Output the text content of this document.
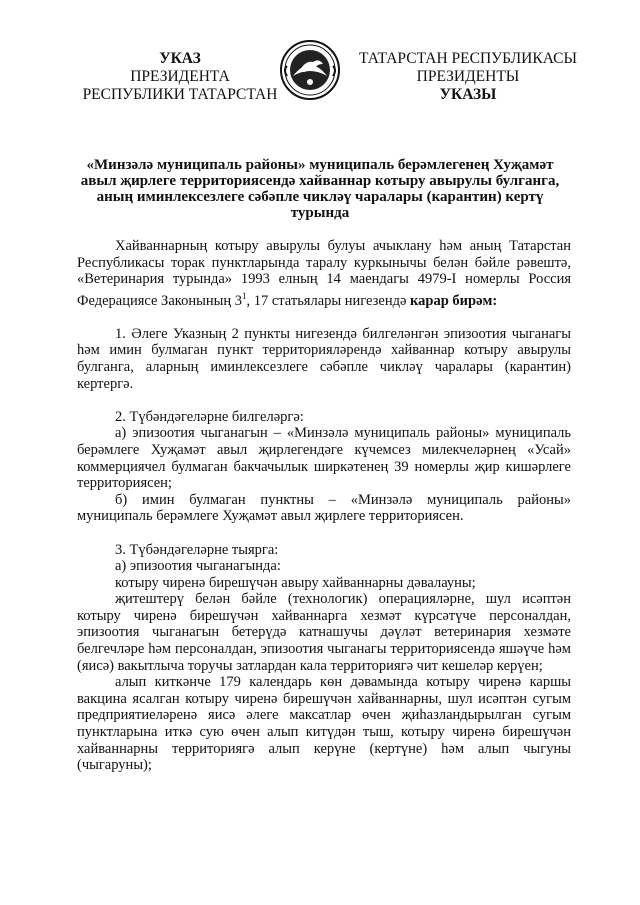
УКАЗ
ПРЕЗИДЕНТА
РЕСПУБЛИКИ ТАТАРСТАН
ТАТАРСТАН РЕСПУБЛИКАСЫ
ПРЕЗИДЕНТЫ
УКАЗЫ
«Минзәлә муниципаль районы» муниципаль берәмлегенең Хуҗамәт авыл җирлеге территориясендә хайваннар котыру авырулы булганга, аның иминлексезлеге сәбәпле чикләү чаралары (карантин) кертү турында

Хайваннарның котыру авырулы булуы ачыклану һәм аның Татарстан Республикасы торак пунктларында таралу куркынычы белән бәйле рәвештә, «Ветеринария турында» 1993 елның 14 маендагы 4979-I номерлы Россия Федерациясе Законының $3^1$, 17 статьялары нигезендә карар бирәм:

1. Әлеге Указның 2 пункты нигезендә билгеләнгән эпизоотия чыганагы һәм имин булмаган пункт территорияләрендә хайваннар котыру авырулы булганга, аларның иминлексезлеге сәбәпле чикләү чаралары (карантин) кертергә.

2. Түбәндәгеләрне билгеләргә:

а) эпизоотия чыганагын – «Минзәлә муниципаль районы» муниципаль берәмлеге Хуҗамәт авыл җирлегендәге күчемсез милекчеләрнең «Усай» коммерциячел булмаган бакчачылык ширкәтенең 39 номерлы җир кишәрлеге территориясен;

б) имин булмаган пунктны – «Минзәлә муниципаль районы» муниципаль берәмлеге Хуҗамәт авыл җирлеге территориясен.

3. Түбәндәгеләрне тыярга:

а) эпизоотия чыганагында:

котыру чиренә бирешүчән авыру хайваннарны дәвалауны;

җитештерү белән бәйле (технологик) операцияләрне, шул исәптән котыру чиренә бирешүчән хайваннарга хезмәт күрсәтүче персоналдан, эпизоотия чыганагын бетерүдә катнашучы дәүләт ветеринария хезмәте белгечләре һәм персоналдан, эпизоотия чыганагы территориясендә яшәүче һәм (яисә) вакытлыча торучы затлардан кала территориягә чит кешеләр керүен;

алып киткәнче 179 календарь көн дәвамында котыру чиренә каршы вакцина ясалган котыру чиренә бирешүчән хайваннарны, шул исәптән сугым предприятиеләренә яисә әлеге максатлар өчен җиһазландырылган сугым пунктларына иткә сую өчен алып китүдән тыш, котыру чиренә бирешүчән хайваннарны территориягә алып керүне (кертүне) һәм алып чыгуны (чыгаруны);
